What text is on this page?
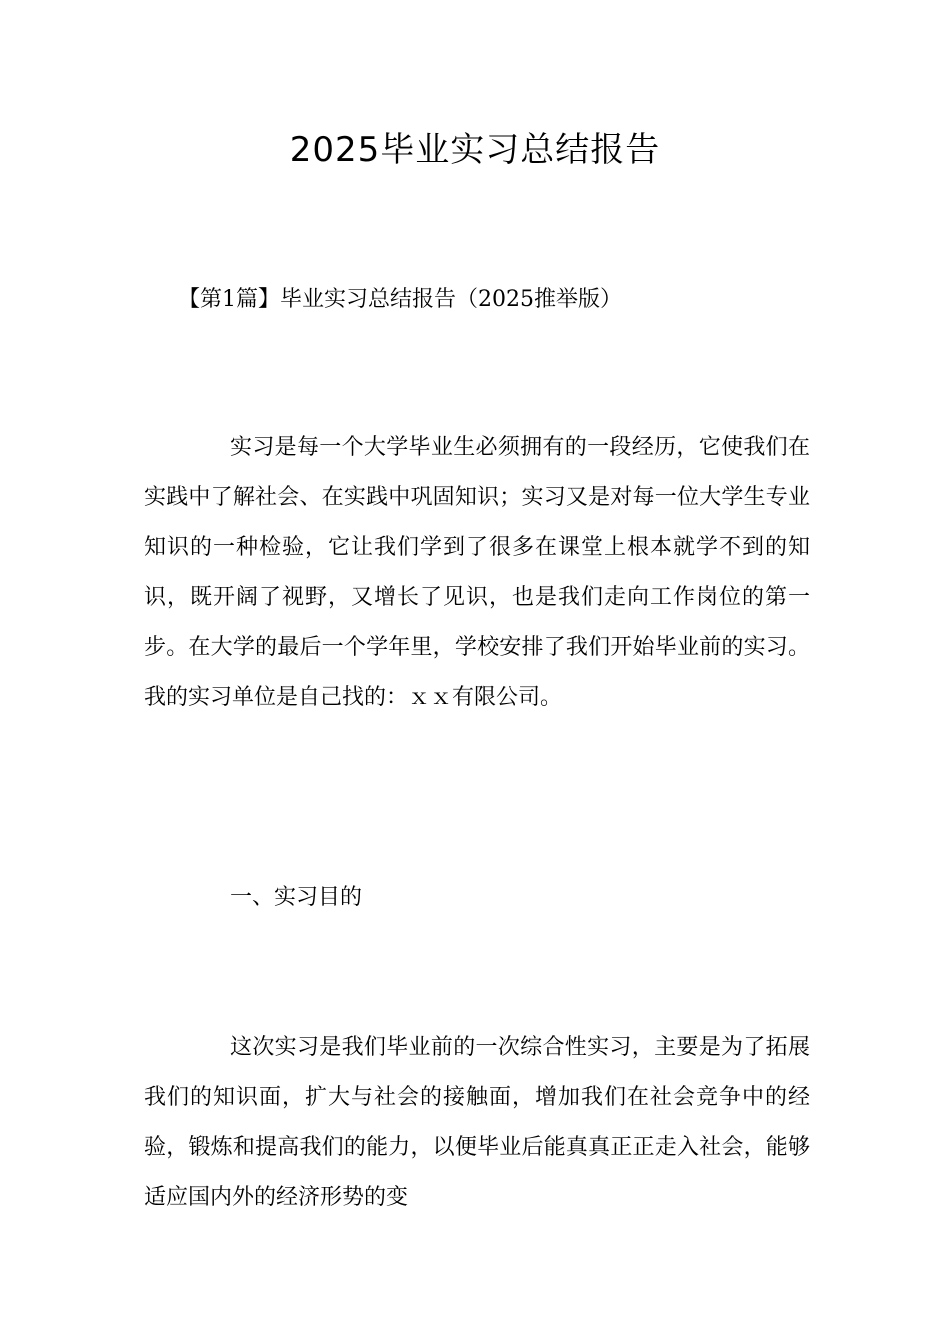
2025毕业实习总结报告
【第1篇】毕业实习总结报告（2025推举版）

实习是每一个大学毕业生必须拥有的一段经历，它使我们在实践中了解社会、在实践中巩固知识；实习又是对每一位大学生专业知识的一种检验，它让我们学到了很多在课堂上根本就学不到的知识，既开阔了视野，又增长了见识，也是我们走向工作岗位的第一步。在大学的最后一个学年里，学校安排了我们开始毕业前的实习。我的实习单位是自己找的：ｘｘ有限公司。

一、实习目的

这次实习是我们毕业前的一次综合性实习，主要是为了拓展我们的知识面，扩大与社会的接触面，增加我们在社会竞争中的经验，锻炼和提高我们的能力，以便毕业后能真真正正走入社会，能够适应国内外的经济形势的变
